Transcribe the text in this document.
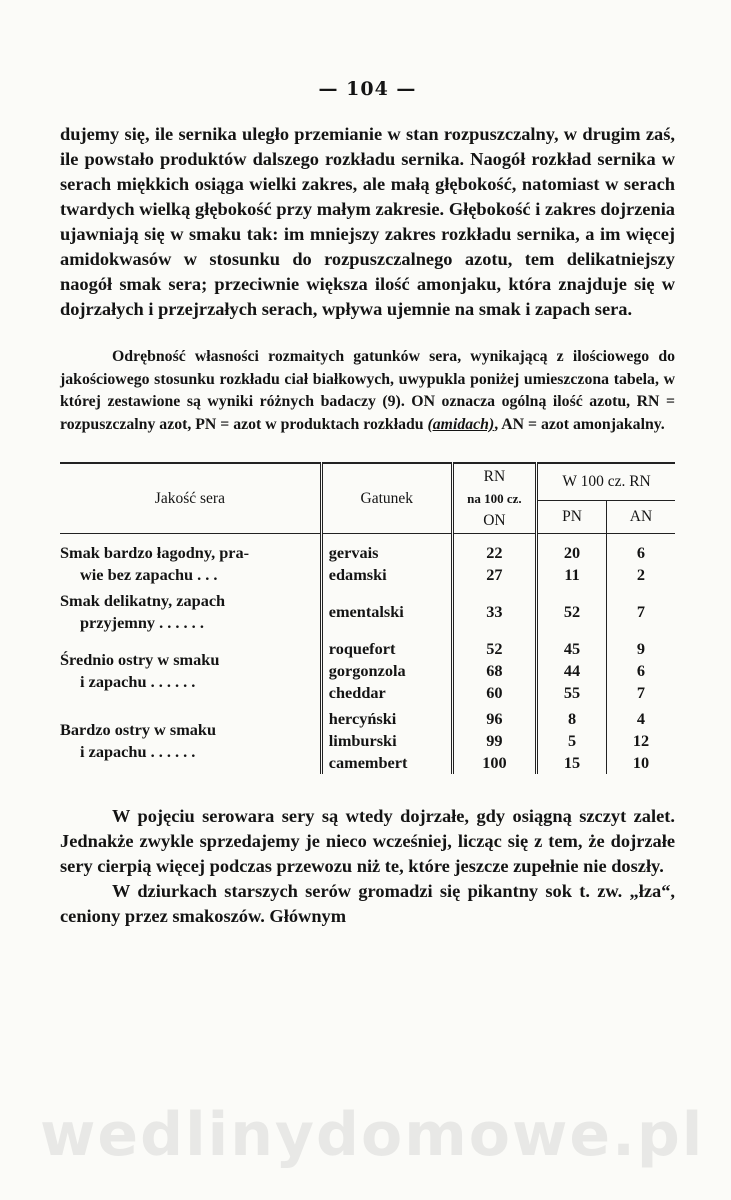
— 104 —

dujemy się, ile sernika uległo przemianie w stan rozpuszczalny, w drugim zaś, ile powstało produktów dalszego rozkładu sernika. Naogół rozkład sernika w serach miękkich osiąga wielki zakres, ale małą głębokość, natomiast w serach twardych wielką głębokość przy małym zakresie. Głębokość i zakres dojrzenia ujawniają się w smaku tak: im mniejszy zakres rozkładu sernika, a im więcej amidokwasów w stosunku do rozpuszczalnego azotu, tem delikatniejszy naogół smak sera; przeciwnie większa ilość amonjaku, która znajduje się w dojrzałych i przejrzałych serach, wpływa ujemnie na smak i zapach sera.

Odrębność własności rozmaitych gatunków sera, wynikającą z ilościowego do jakościowego stosunku rozkładu ciał białkowych, uwypukla poniżej umieszczona tabela, w której zestawione są wyniki różnych badaczy (9). ON oznacza ogólną ilość azotu, RN = rozpuszczalny azot, PN = azot w produktach rozkładu (amidach), AN = azot amonjakalny.

Jakość sera	Gatunek	RN
na 100 cz.
ON	W 100 cz. RN	
			PN	AN

Smak bardzo łagodny, pra-
wie bez zapachu . . .	gervais	22	20	6
	edamski	27	11	2

Smak delikatny, zapach
przyjemny . . . . . .	ementalski	33	52	7

Średnio ostry w smaku
i zapachu . . . . . .	roquefort	52	45	9
	gorgonzola	68	44	6
	cheddar	60	55	7

Bardzo ostry w smaku
i zapachu . . . . . .	hercyński	96	8	4
	limburski	99	5	12
	camembert	100	15	10

W pojęciu serowara sery są wtedy dojrzałe, gdy osiągną szczyt zalet. Jednakże zwykle sprzedajemy je nieco wcześniej, licząc się z tem, że dojrzałe sery cierpią więcej podczas przewozu niż te, które jeszcze zupełnie nie doszły.

W dziurkach starszych serów gromadzi się pikantny sok t. zw. „łza“, ceniony przez smakoszów. Głównym

wedlinydomowe.pl
